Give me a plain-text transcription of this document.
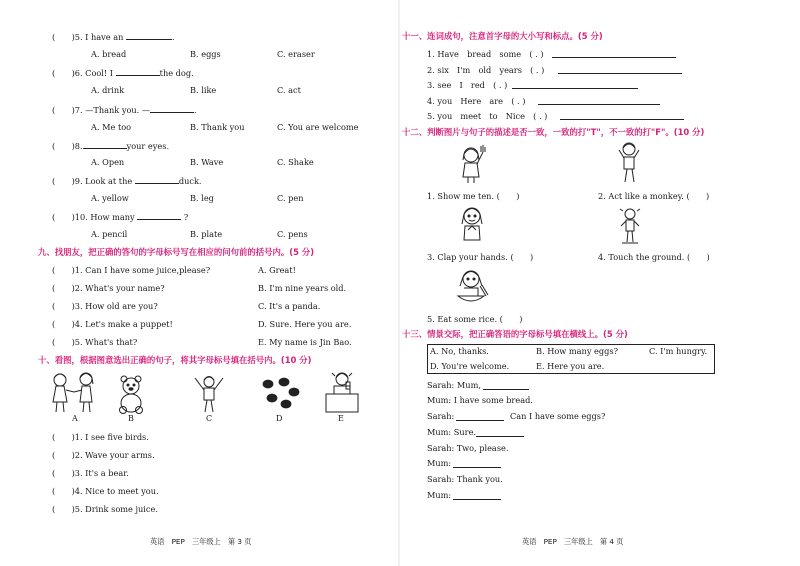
(　　)5. I have an	.
A. bread	B. eggs	C. eraser
(　　)6. Cool! I	the dog.
A. drink	B. like	C. act
(　　)7. —Thank you. —	.
A. Me too	B. Thank you	C. You are welcome
(　　)8.	your eyes.
A. Open	B. Wave	C. Shake
(　　)9. Look at the	duck.
A. yellow	B. leg	C. pen
(　　)10. How many	?
A. pencil	B. plate	C. pens
九、找朋友，把正确的答句的字母标号写在相应的问句前的括号内。(5 分)
(　　)1. Can I have some juice,please?	A. Great!
(　　)2. What's your name?	B. I'm nine years old.
(　　)3. How old are you?	C. It's a panda.
(　　)4. Let's make a puppet!	D. Sure. Here you are.
(　　)5. What's that?	E. My name is Jin Bao.
十、看图，根据图意选出正确的句子，将其字母标号填在括号内。(10 分)
A	B	C	D	E
(　　)1. I see five birds.
(　　)2. Wave your arms.
(　　)3. It's a bear.
(　　)4. Nice to meet you.
(　　)5. Drink some juice.
英语　PEP　三年级上　第 3 页
十一、连词成句，注意首字母的大小写和标点。(5 分)
1. Have　bread　some　( . )
2. six　I'm　old　years　( . )
3. see　I　red　( . )
4. you　Here　are　( . )
5. you　meet　to　Nice　( . )
十二、判断图片与句子的描述是否一致，一致的打"T"，不一致的打"F"。(10 分)
1. Show me ten. (　　)	2. Act like a monkey. (　　)
3. Clap your hands. (　　)	4. Touch the ground. (　　)
5. Eat some rice. (　　)
十三、情景交际，把正确答语的字母标号填在横线上。(5 分)
A. No, thanks.	B. How many eggs?	C. I'm hungry.
D. You're welcome.	E. Here you are.
Sarah: Mum,
Mum: I have some bread.
Sarah:	Can I have some eggs?
Mum: Sure.
Sarah: Two, please.
Mum:
Sarah: Thank you.
Mum:
英语　PEP　三年级上　第 4 页
